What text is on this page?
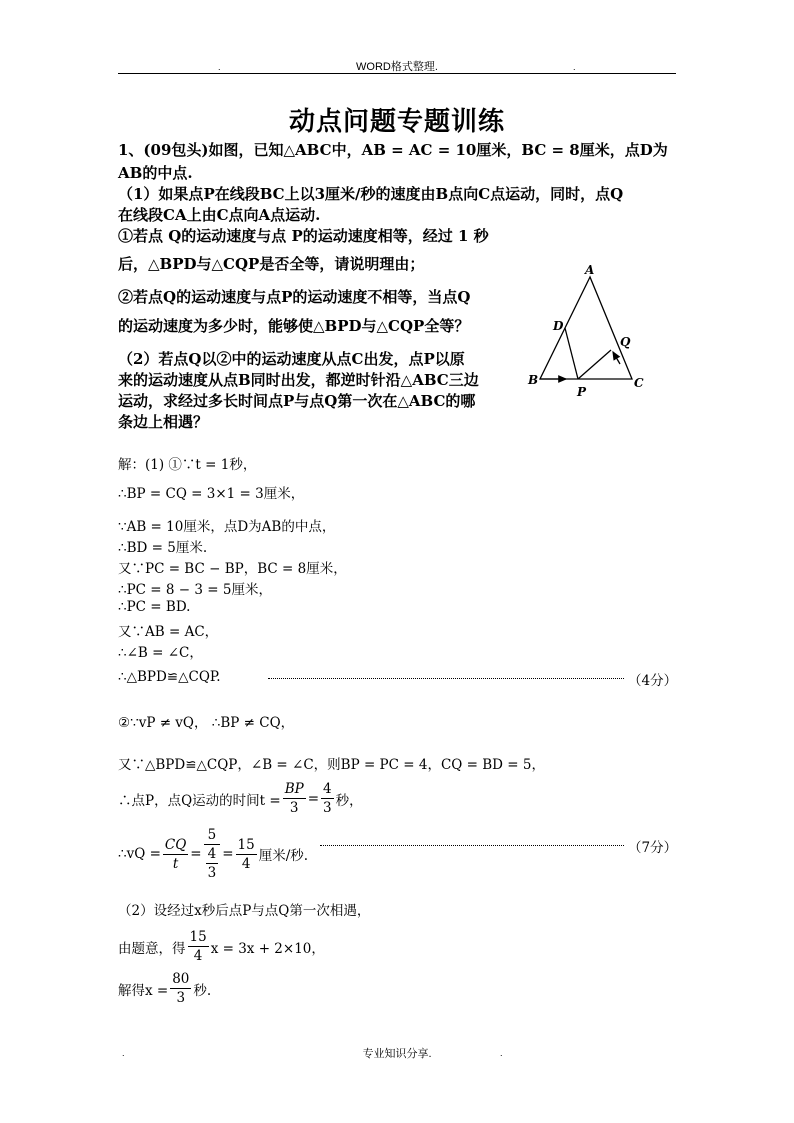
.	WORD格式整理.	.
动点问题专题训练
1、(09包头)如图，已知△ABC中，AB = AC = 10厘米，BC = 8厘米，点D为
AB的中点.
（1）如果点P在线段BC上以3厘米/秒的速度由B点向C点运动，同时，点Q
在线段CA上由C点向A点运动.
①若点 Q的运动速度与点 P的运动速度相等，经过 1 秒
后，△BPD与△CQP是否全等，请说明理由；
②若点Q的运动速度与点P的运动速度不相等，当点Q
的运动速度为多少时，能够使△BPD与△CQP全等？
（2）若点Q以②中的运动速度从点C出发，点P以原
来的运动速度从点B同时出发，都逆时针沿△ABC三边
运动，求经过多长时间点P与点Q第一次在△ABC的哪
条边上相遇？
A
B	C
D
P
Q
解：(1) ①∵t = 1秒，
∴BP = CQ = 3×1 = 3厘米，
∵AB = 10厘米，点D为AB的中点，
∴BD = 5厘米.
又∵PC = BC − BP，BC = 8厘米，
∴PC = 8 − 3 = 5厘米，
∴PC = BD.
又∵AB = AC，
∴∠B = ∠C，
∴△BPD≌△CQP.	（4分）
②∵vP ≠ vQ， ∴BP ≠ CQ，
又∵△BPD≌△CQP，∠B = ∠C，则BP = PC = 4，CQ = BD = 5，
∴点P，点Q运动的时间$t = \frac{BP}{3} = \frac{4}{3}$ 秒，
∴vQ = $\frac{CQ}{t} = 5$
4
$3 = \frac{15}{4}$ 厘米/秒.	（7分）
（2）设经过x秒后点P与点Q第一次相遇，
由题意，得 $\frac{15}{4}$ x = 3x + 2×10，
解得$x = \frac{80}{3}$ 秒.
.	专业知识分享.	.
